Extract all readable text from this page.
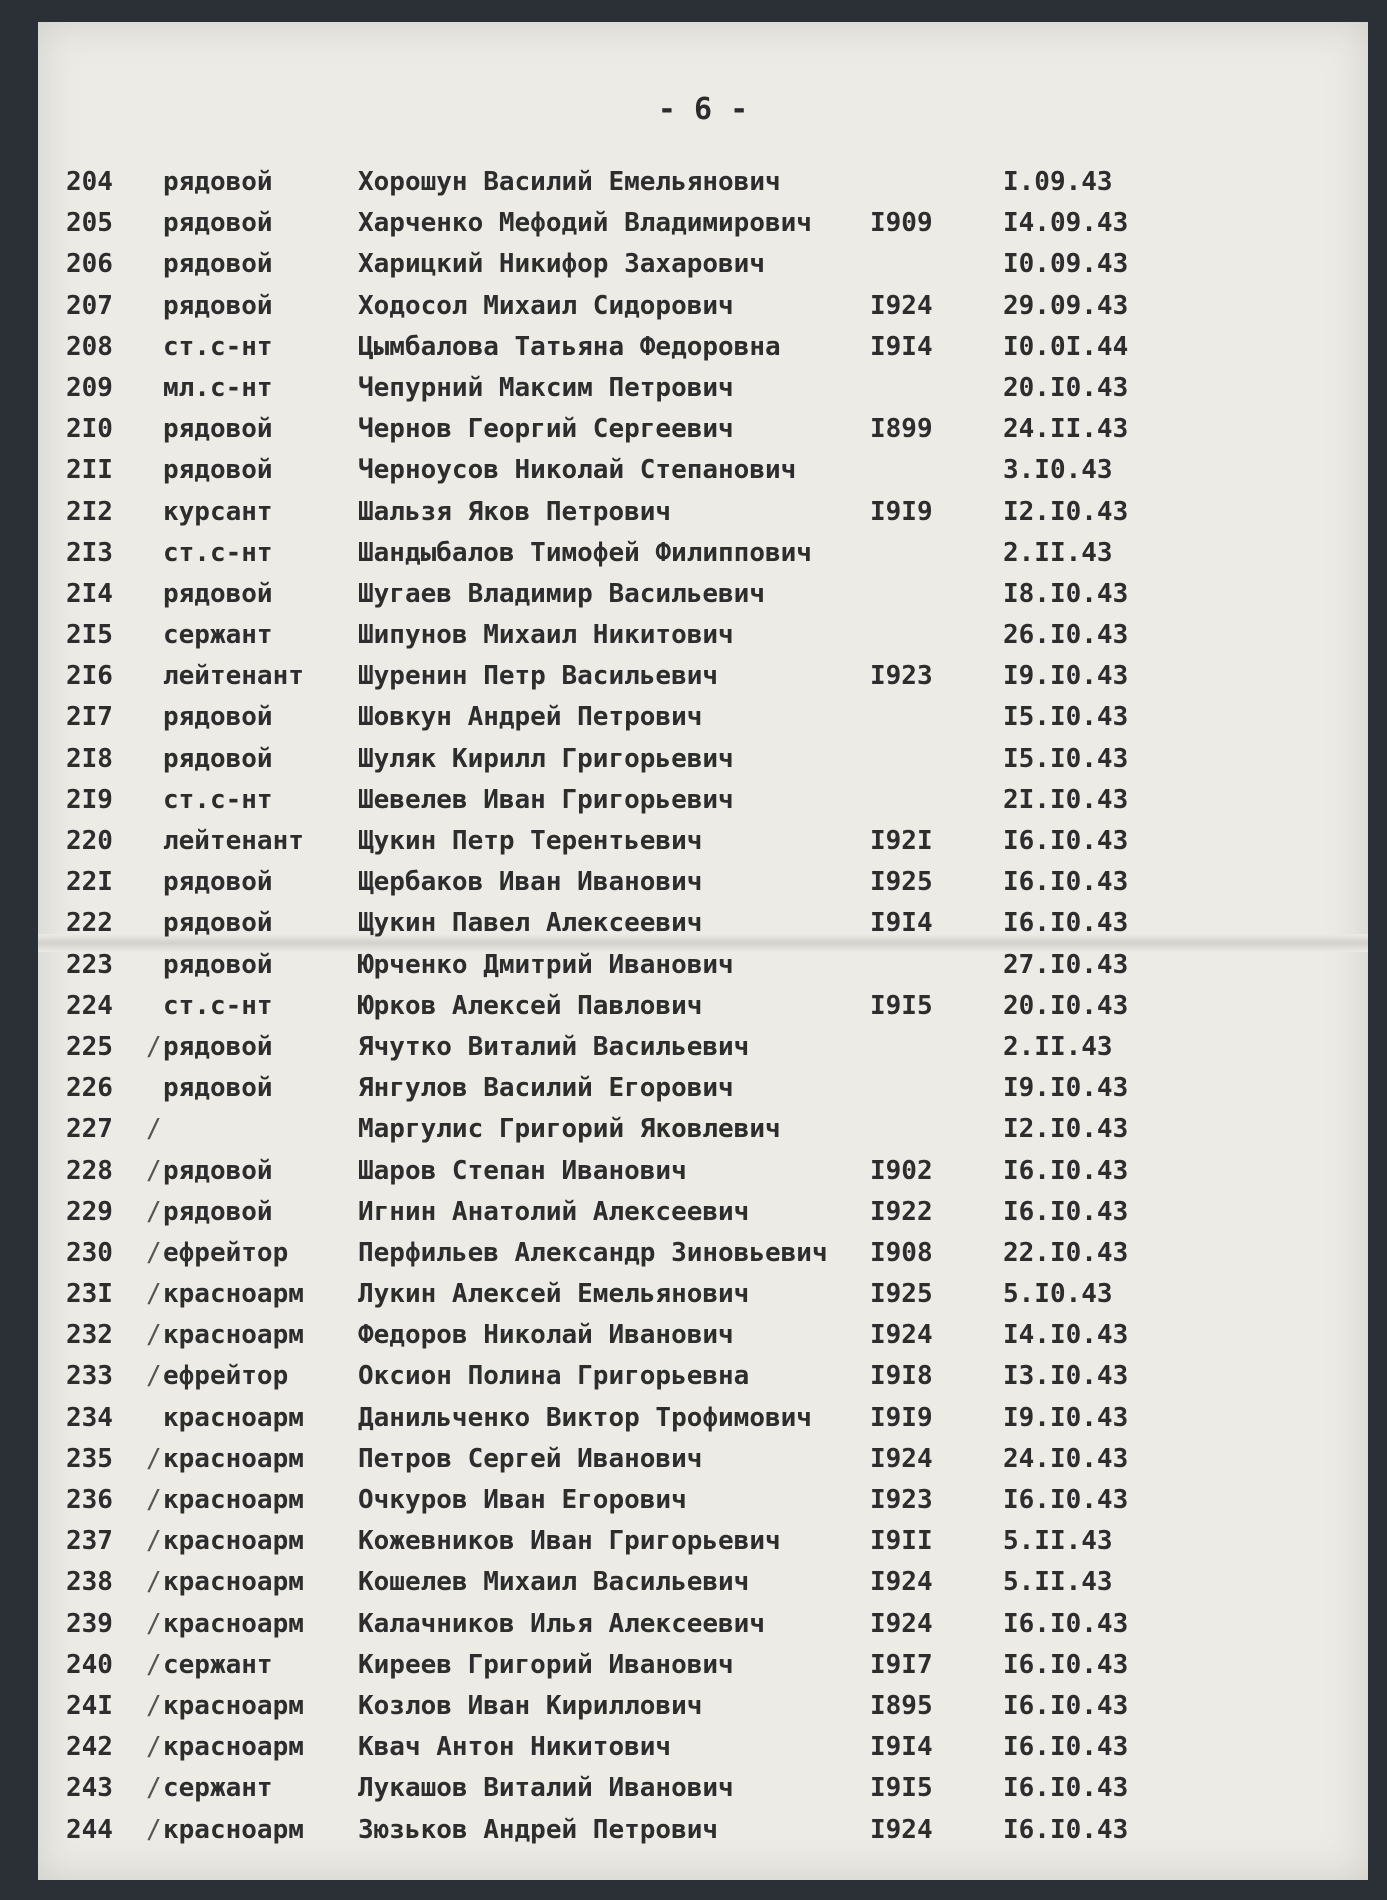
- 6 -
204	рядовой	Хорошун Василий Емельянович	I.09.43
205	рядовой	Харченко Мефодий Владимирович I909	I4.09.43
206	рядовой	Харицкий Никифор Захарович	I0.09.43
207	рядовой	Ходосол Михаил Сидорович	I924	29.09.43
208	ст.с-нт	Цымбалова Татьяна Федоровна	I9I4	I0.0I.44
209	мл.с-нт	Чепурний Максим Петрович	20.I0.43
2I0	рядовой	Чернов Георгий Сергеевич	I899	24.II.43
2II	рядовой	Черноусов Николай Степанович	3.I0.43
2I2	курсант	Шальзя Яков Петрович	I9I9	I2.I0.43
2I3	ст.с-нт	Шандыбалов Тимофей Филиппович	2.II.43
2I4	рядовой	Шугаев Владимир Васильевич	I8.I0.43
2I5	сержант	Шипунов Михаил Никитович	26.I0.43
2I6	лейтенант Шуренин Петр Васильевич	I923	I9.I0.43
2I7	рядовой	Шовкун Андрей Петрович	I5.I0.43
2I8	рядовой	Шуляк Кирилл Григорьевич	I5.I0.43
2I9	ст.с-нт	Шевелев Иван Григорьевич	2I.I0.43
220	лейтенант Щукин Петр Терентьевич	I92I	I6.I0.43
22I	рядовой	Щербаков Иван Иванович	I925	I6.I0.43
222	рядовой	Щукин Павел Алексеевич	I9I4	I6.I0.43
223	рядовой	Юрченко Дмитрий Иванович	27.I0.43
224	ст.с-нт	Юрков Алексей Павлович	I9I5	20.I0.43
225	/ рядовой	Ячутко Виталий Васильевич	2.II.43
226	рядовой	Янгулов Василий Егорович	I9.I0.43
227	/	Маргулис Григорий Яковлевич	I2.I0.43
228	/ рядовой	Шаров Степан Иванович	I902	I6.I0.43
229	/ рядовой	Игнин Анатолий Алексеевич	I922	I6.I0.43
230	/ ефрейтор	Перфильев Александр Зиновьевич I908	22.I0.43
23I	/ красноарм Лукин Алексей Емельянович	I925	5.I0.43
232	/ красноарм Федоров Николай Иванович	I924	I4.I0.43
233	/ ефрейтор	Оксион Полина Григорьевна	I9I8	I3.I0.43
234	красноарм Данильченко Виктор Трофимович I9I9	I9.I0.43
235	/ красноарм Петров Сергей Иванович	I924	24.I0.43
236	/ красноарм Очкуров Иван Егорович	I923	I6.I0.43
237	/ красноарм Кожевников Иван Григорьевич	I9II	5.II.43
238	/ красноарм Кошелев Михаил Васильевич	I924	5.II.43
239	/ красноарм Калачников Илья Алексеевич	I924	I6.I0.43
240	/ сержант	Киреев Григорий Иванович	I9I7	I6.I0.43
24I	/ красноарм Козлов Иван Кириллович	I895	I6.I0.43
242	/ красноарм Квач Антон Никитович	I9I4	I6.I0.43
243	/ сержант	Лукашов Виталий Иванович	I9I5	I6.I0.43
244	/ красноарм Зюзьков Андрей Петрович	I924	I6.I0.43
